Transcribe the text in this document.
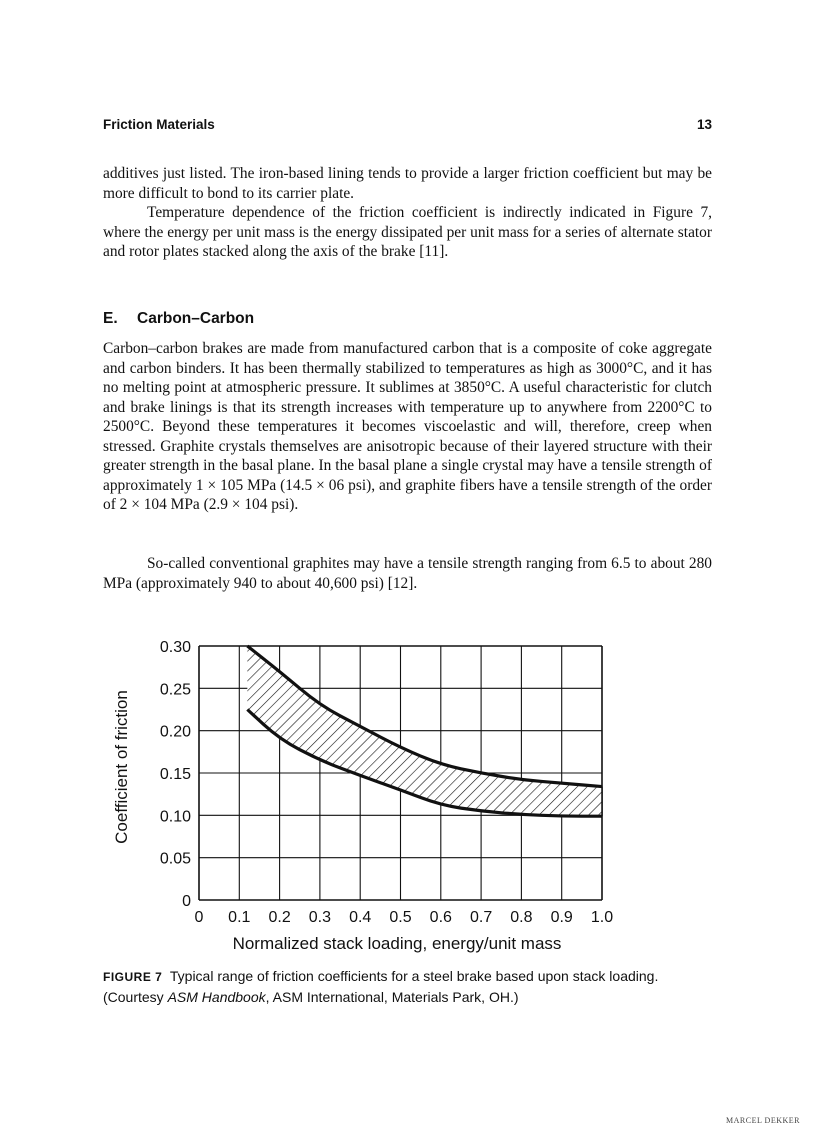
Friction Materials	13

additives just listed. The iron-based lining tends to provide a larger friction coefficient but may be more difficult to bond to its carrier plate.

Temperature dependence of the friction coefficient is indirectly indicated in Figure 7, where the energy per unit mass is the energy dissipated per unit mass for a series of alternate stator and rotor plates stacked along the axis of the brake [11].

E. Carbon–Carbon

Carbon–carbon brakes are made from manufactured carbon that is a composite of coke aggregate and carbon binders. It has been thermally stabilized to temperatures as high as 3000°C, and it has no melting point at atmospheric pressure. It sublimes at 3850°C. A useful characteristic for clutch and brake linings is that its strength increases with temperature up to anywhere from 2200°C to 2500°C. Beyond these temperatures it becomes viscoelastic and will, therefore, creep when stressed. Graphite crystals themselves are anisotropic because of their layered structure with their greater strength in the basal plane. In the basal plane a single crystal may have a tensile strength of approximately 1 × 105 MPa (14.5 × 06 psi), and graphite fibers have a tensile strength of the order of 2 × 104 MPa (2.9 × 104 psi).

So-called conventional graphites may have a tensile strength ranging from 6.5 to about 280 MPa (approximately 940 to about 40,600 psi) [12].

0 0.1 0.2 0.3 0.4 0.5 0.6 0.7 0.8 0.9 1.0
0
0.05
0.10
0.15
0.20
0.25
0.30
Coefficient of friction
Normalized stack loading, energy/unit mass

FIGURE 7 Typical range of friction coefficients for a steel brake based upon stack loading. (Courtesy ASM Handbook, ASM International, Materials Park, OH.)

MARCEL DEKKER
